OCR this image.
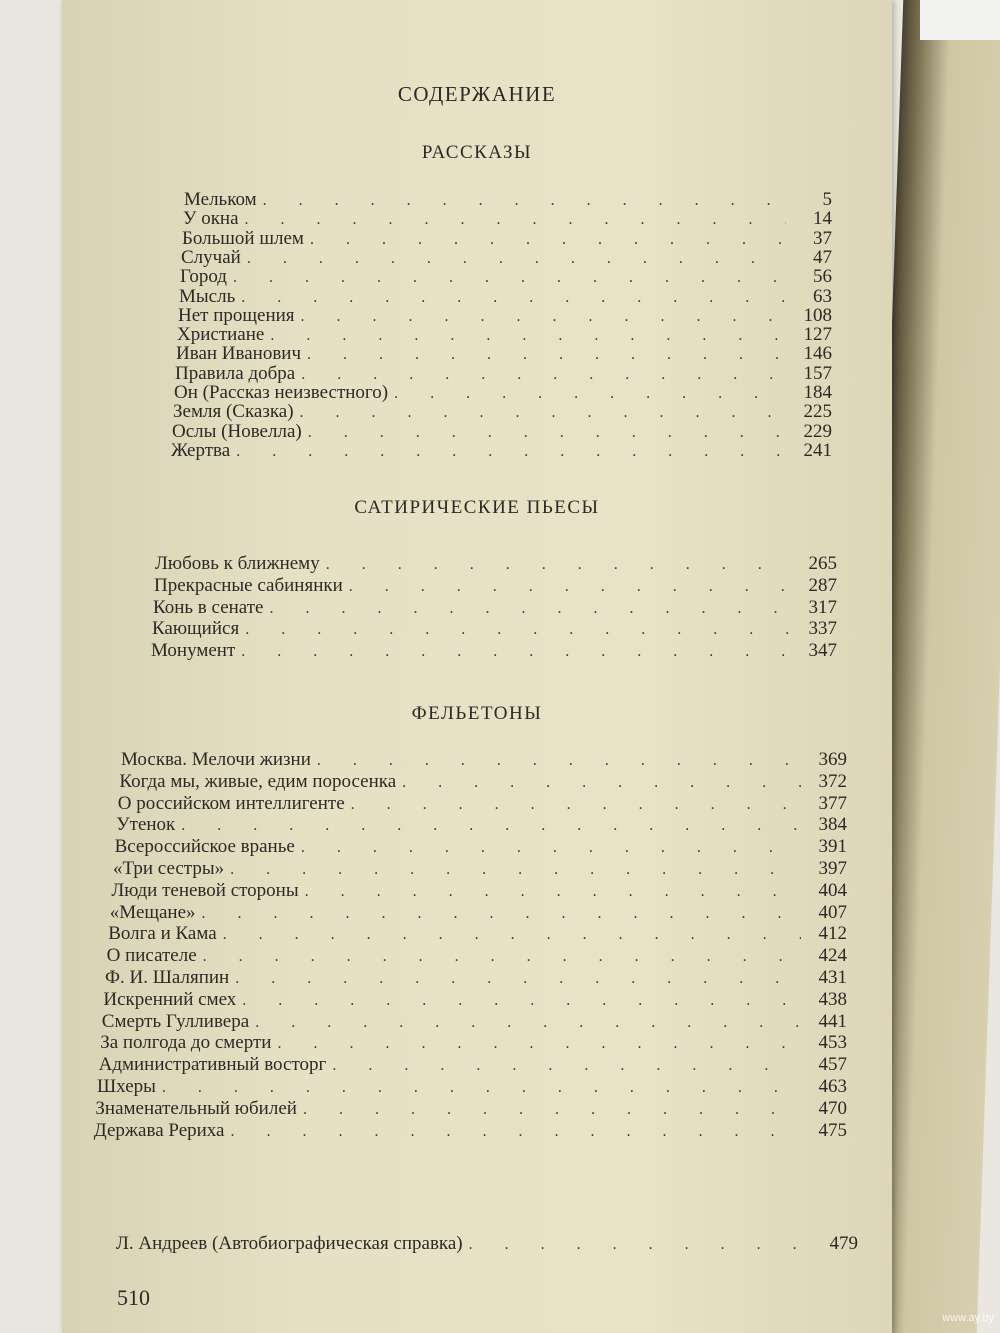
СОДЕРЖАНИЕ
РАССКАЗЫ
САТИРИЧЕСКИЕ ПЬЕСЫ
ФЕЛЬЕТОНЫ
Мельком . . .	5
У окна . . .	14
Большой шлем . . .	37
Случай . . .	47
Город . . .	56
Мысль . . .	63
Нет прощения . . .	108
Христиане . . .	127
Иван Иванович . . .	146
Правила добра . . .	157
Он (Рассказ неизвестного) . . .	184
Земля (Сказка) . . .	225
Ослы (Новелла) . . .	229
Жертва . . .	241
Любовь к ближнему . . .	265
Прекрасные сабинянки . . .	287
Конь в сенате . . .	317
Кающийся . . .	337
Монумент . . .	347
Москва. Мелочи жизни . . .	369
Когда мы, живые, едим поросенка . . .	372
О российском интеллигенте . . .	377
Утенок . . .	384
Всероссийское вранье . . .	391
«Три сестры» . . .	397
Люди теневой стороны . . .	404
«Мещане» . . .	407
Волга и Кама . . .	412
О писателе . . .	424
Ф. И. Шаляпин . . .	431
Искренний смех . . .	438
Смерть Гулливера . . .	441
За полгода до смерти . . .	453
Административный восторг . . .	457
Шхеры . . .	463
Знаменательный юбилей . . .	470
Держава Рериха . . .	475
Л. Андреев (Автобиографическая справка) . . .	479
510
www.ay.by
